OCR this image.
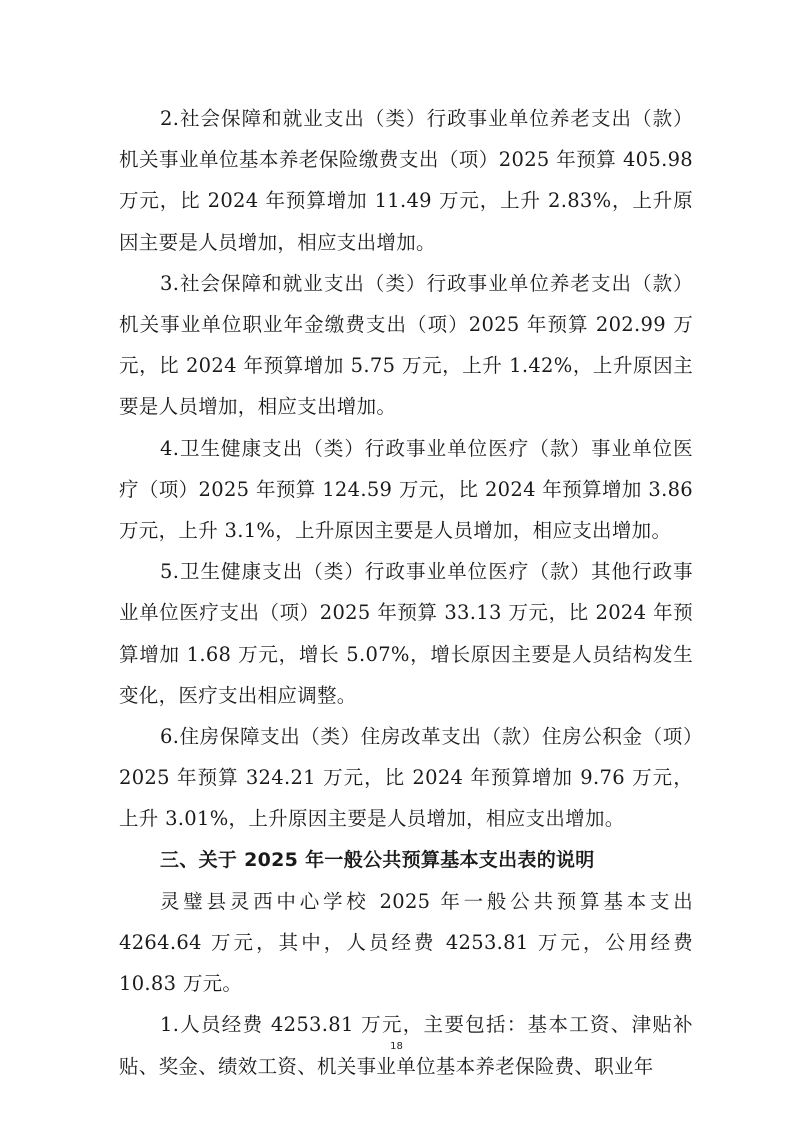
2.社会保障和就业支出（类）行政事业单位养老支出（款）机关事业单位基本养老保险缴费支出（项）2025 年预算 405.98 万元，比 2024 年预算增加 11.49 万元，上升 2.83%，上升原因主要是人员增加，相应支出增加。

3.社会保障和就业支出（类）行政事业单位养老支出（款）机关事业单位职业年金缴费支出（项）2025 年预算 202.99 万元，比 2024 年预算增加 5.75 万元，上升 1.42%，上升原因主要是人员增加，相应支出增加。

4.卫生健康支出（类）行政事业单位医疗（款）事业单位医疗（项）2025 年预算 124.59 万元，比 2024 年预算增加 3.86 万元，上升 3.1%，上升原因主要是人员增加，相应支出增加。

5.卫生健康支出（类）行政事业单位医疗（款）其他行政事业单位医疗支出（项）2025 年预算 33.13 万元，比 2024 年预算增加 1.68 万元，增长 5.07%，增长原因主要是人员结构发生变化，医疗支出相应调整。

6.住房保障支出（类）住房改革支出（款）住房公积金（项）2025 年预算 324.21 万元，比 2024 年预算增加 9.76 万元，上升 3.01%，上升原因主要是人员增加，相应支出增加。

三、关于 2025 年一般公共预算基本支出表的说明

灵璧县灵西中心学校 2025 年一般公共预算基本支出 4264.64 万元，其中，人员经费 4253.81 万元，公用经费 10.83 万元。

1.人员经费 4253.81 万元，主要包括：基本工资、津贴补贴、奖金、绩效工资、机关事业单位基本养老保险费、职业年

18
